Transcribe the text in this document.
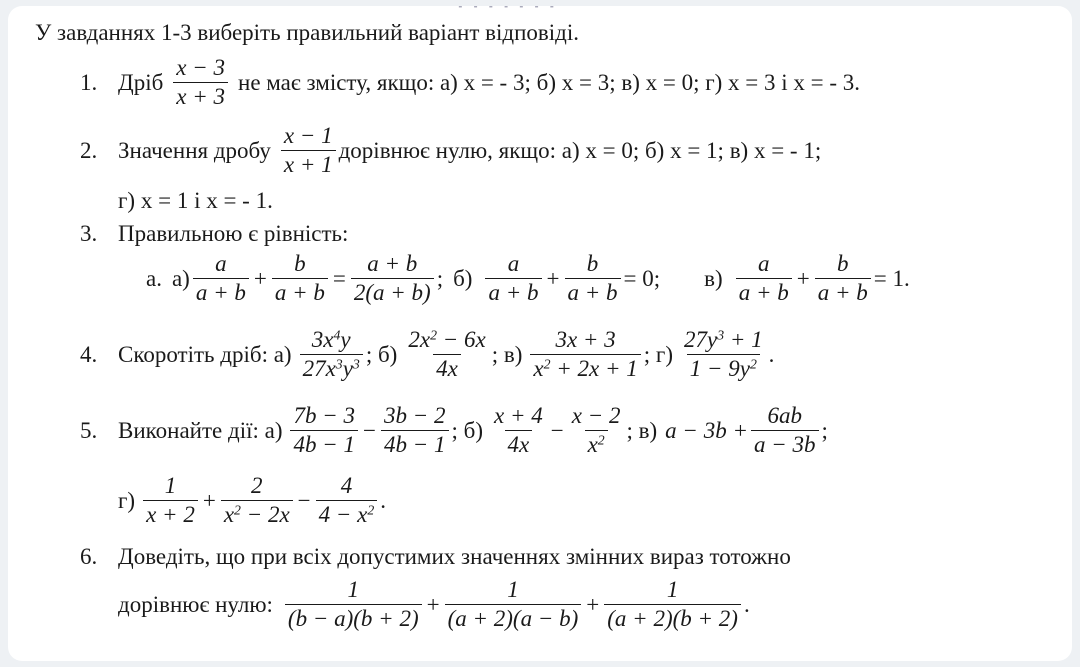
▪ ▪ ▪ ▪ ▪ ▪ ▪
У завданнях 1-3 виберіть правильний варіант відповіді.
1. Дріб $\frac{x - 3}{x + 3}$ не має змісту, якщо: а) х = - 3; б) х = 3; в) х = 0; г) х = 3 і х = - 3.
2. Значення дробу $\frac{x - 1}{x + 1}$ дорівнює нулю, якщо: а) х = 0; б) х = 1; в) х = - 1;
г) х = 1 і х = - 1.
3. Правильною є рівність:
а. $а) \frac{a}{a + b} + \frac{b}{a + b} = \frac{a + b}{2(a + b)}$ ; $б) \frac{a}{a + b} + \frac{b}{a + b} = 0$; $в) \frac{a}{a + b} + \frac{b}{a + b} = 1$.
4. Скоротіть дріб: $а) \frac{3x^4y}{27x^3y^3}$ ; $б) \frac{2x^2 - 6x}{4x}$ ; $в) \frac{3x + 3}{x^2 + 2x + 1}$ ; $г) \frac{27y^3 + 1}{1 - 9y^2}$ .
5. Виконайте дії: $а) \frac{7b - 3}{4b - 1} - \frac{3b - 2}{4b - 1}$ ; $б) \frac{x + 4}{4x} - \frac{x - 2}{x^2}$ ; в) $a - 3b + \frac{6ab}{a - 3b}$ ;
$г) \frac{1}{x + 2} + \frac{2}{x^2 - 2x} - \frac{4}{4 - x^2}$ .
6. Доведіть, що при всіх допустимих значеннях змінних вираз тотожно
дорівнює нулю: $\frac{1}{(b - a)(b + 2)} + \frac{1}{(a + 2)(a - b)} + \frac{1}{(a + 2)(b + 2)}$ .
